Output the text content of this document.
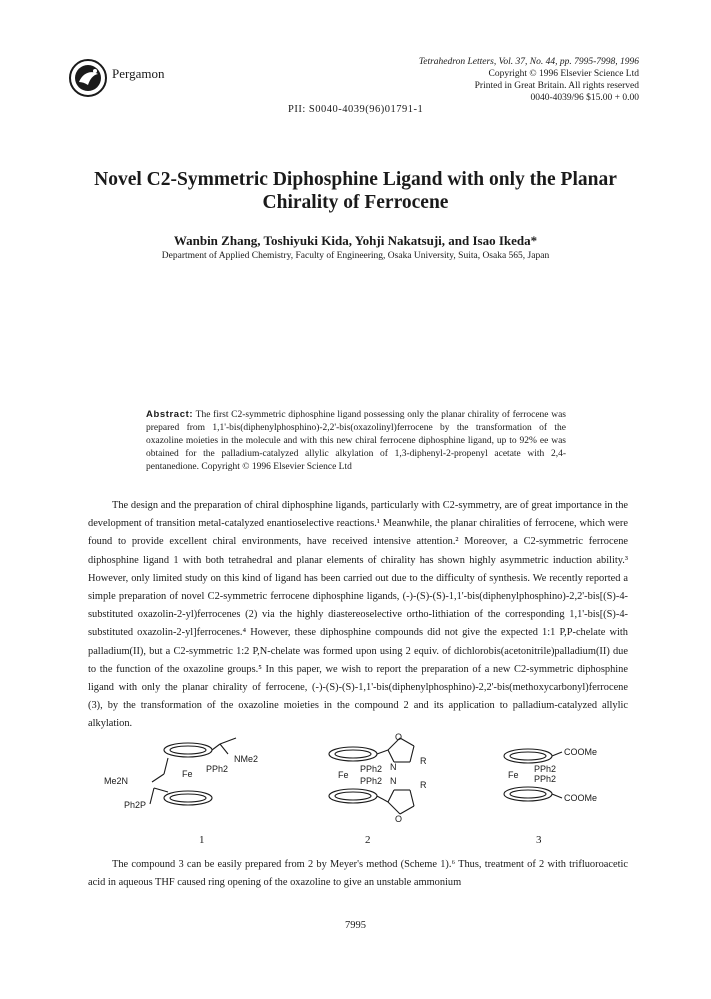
Pergamon
Tetrahedron Letters, Vol. 37, No. 44, pp. 7995-7998, 1996
Copyright © 1996 Elsevier Science Ltd
Printed in Great Britain. All rights reserved
0040-4039/96 $15.00 + 0.00
PII: S0040-4039(96)01791-1
Novel C2-Symmetric Diphosphine Ligand with only the Planar
Chirality of Ferrocene
Wanbin Zhang, Toshiyuki Kida, Yohji Nakatsuji, and Isao Ikeda*
Department of Applied Chemistry, Faculty of Engineering, Osaka University, Suita, Osaka 565, Japan
Abstract: The first C2-symmetric diphosphine ligand possessing only the planar chirality of ferrocene was prepared from 1,1'-bis(diphenylphosphino)-2,2'-bis(oxazolinyl)ferrocene by the transformation of the oxazoline moieties in the molecule and with this new chiral ferrocene diphosphine ligand, up to 92% ee was obtained for the palladium-catalyzed allylic alkylation of 1,3-diphenyl-2-propenyl acetate with 2,4-pentanedione. Copyright © 1996 Elsevier Science Ltd
The design and the preparation of chiral diphosphine ligands, particularly with C2-symmetry, are of great importance in the development of transition metal-catalyzed enantioselective reactions.¹ Meanwhile, the planar chiralities of ferrocene, which were found to provide excellent chiral environments, have received intensive attention.² Moreover, a C2-symmetric ferrocene diphosphine ligand 1 with both tetrahedral and planar elements of chirality has shown highly asymmetric induction ability.³ However, only limited study on this kind of ligand has been carried out due to the difficulty of synthesis. We recently reported a simple preparation of novel C2-symmetric ferrocene diphosphine ligands, (-)-(S)-(S)-1,1'-bis(diphenylphosphino)-2,2'-bis[(S)-4-substituted oxazolin-2-yl)ferrocenes (2) via the highly diastereoselective ortho-lithiation of the corresponding 1,1'-bis[(S)-4-substituted oxazolin-2-yl]ferrocenes.⁴ However, these diphosphine compounds did not give the expected 1:1 P,P-chelate with palladium(II), but a C2-symmetric 1:2 P,N-chelate was formed upon using 2 equiv. of dichlorobis(acetonitrile)palladium(II) due to the function of the oxazoline groups.⁵ In this paper, we wish to report the preparation of a new C2-symmetric diphosphine ligand with only the planar chirality of ferrocene, (-)-(S)-(S)-1,1'-bis(diphenylphosphino)-2,2'-bis(methoxycarbonyl)ferrocene (3), by the transformation of the oxazoline moieties in the compound 2 and its application to palladium-catalyzed allylic alkylation.
NMe2
Me2N
Fe PPh2
Ph2P
O
Fe
PPh2
PPh2
N
N
R
R
O
COOMe
Fe
PPh2
PPh2
COOMe
1	2	3
The compound 3 can be easily prepared from 2 by Meyer's method (Scheme 1).⁶ Thus, treatment of 2 with trifluoroacetic acid in aqueous THF caused ring opening of the oxazoline to give an unstable ammonium
7995
